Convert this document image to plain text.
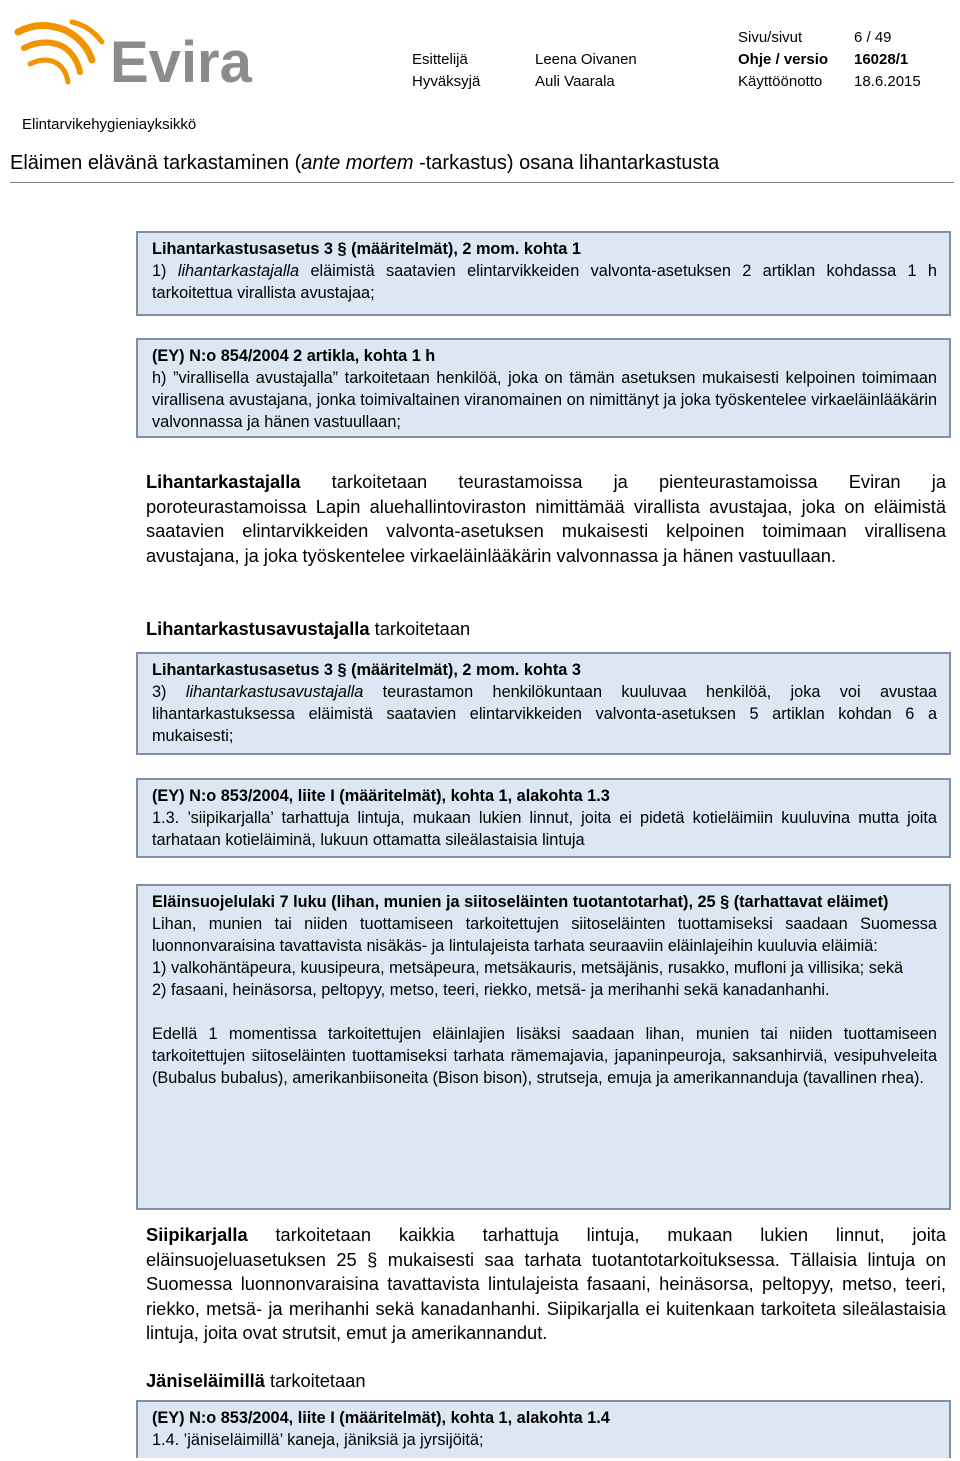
Evira	Sivu/sivut	6 / 49
Esittelijä	Leena Oivanen	Ohje / versio 16028/1
Hyväksyjä	Auli Vaarala	Käyttöönotto 18.6.2015
Elintarvikehygieniayksikkö
Eläimen elävänä tarkastaminen (ante mortem -tarkastus) osana lihantarkastusta
Lihantarkastusasetus 3 § (määritelmät), 2 mom. kohta 1
1) lihantarkastajalla eläimistä saatavien elintarvikkeiden valvonta-asetuksen 2 artiklan kohdassa 1 h tarkoitettua virallista avustajaa;
(EY) N:o 854/2004 2 artikla, kohta 1 h
h) ”virallisella avustajalla” tarkoitetaan henkilöä, joka on tämän asetuksen mukaisesti kelpoinen toimimaan virallisena avustajana, jonka toimivaltainen viranomainen on nimittänyt ja joka työskentelee virkaeläinlääkärin valvonnassa ja hänen vastuullaan;
Lihantarkastajalla tarkoitetaan teurastamoissa ja pienteurastamoissa Eviran ja poroteurastamoissa Lapin aluehallintoviraston nimittämää virallista avustajaa, joka on eläimistä saatavien elintarvikkeiden valvonta-asetuksen mukaisesti kelpoinen toimimaan virallisena avustajana, ja joka työskentelee virkaeläinlääkärin valvonnassa ja hänen vastuullaan.
Lihantarkastusavustajalla tarkoitetaan
Lihantarkastusasetus 3 § (määritelmät), 2 mom. kohta 3
3) lihantarkastusavustajalla teurastamon henkilökuntaan kuuluvaa henkilöä, joka voi avustaa lihantarkastuksessa eläimistä saatavien elintarvikkeiden valvonta-asetuksen 5 artiklan kohdan 6 a mukaisesti;
(EY) N:o 853/2004, liite I (määritelmät), kohta 1, alakohta 1.3
1.3. ’siipikarjalla’ tarhattuja lintuja, mukaan lukien linnut, joita ei pidetä kotieläimiin kuuluvina mutta joita tarhataan kotieläiminä, lukuun ottamatta sileälastaisia lintuja
Eläinsuojelulaki 7 luku (lihan, munien ja siitoseläinten tuotantotarhat), 25 § (tarhattavat eläimet)
Lihan, munien tai niiden tuottamiseen tarkoitettujen siitoseläinten tuottamiseksi saadaan Suomessa luonnonvaraisina tavattavista nisäkäs- ja lintulajeista tarhata seuraaviin eläinlajeihin kuuluvia eläimiä:
1) valkohäntäpeura, kuusipeura, metsäpeura, metsäkauris, metsäjänis, rusakko, mufloni ja villisika; sekä
2) fasaani, heinäsorsa, peltopyy, metso, teeri, riekko, metsä- ja merihanhi sekä kanadanhanhi.
Edellä 1 momentissa tarkoitettujen eläinlajien lisäksi saadaan lihan, munien tai niiden tuottamiseen tarkoitettujen siitoseläinten tuottamiseksi tarhata rämemajavia, japaninpeuroja, saksanhirviä, vesipuhveleita (Bubalus bubalus), amerikanbiisoneita (Bison bison), strutseja, emuja ja amerikannanduja (tavallinen rhea).
Siipikarjalla tarkoitetaan kaikkia tarhattuja lintuja, mukaan lukien linnut, joita eläinsuojeluasetuksen 25 § mukaisesti saa tarhata tuotantotarkoituksessa. Tällaisia lintuja on Suomessa luonnonvaraisina tavattavista lintulajeista fasaani, heinäsorsa, peltopyy, metso, teeri, riekko, metsä- ja merihanhi sekä kanadanhanhi. Siipikarjalla ei kuitenkaan tarkoiteta sileälastaisia lintuja, joita ovat strutsit, emut ja amerikannandut.
Jäniseläimillä tarkoitetaan
(EY) N:o 853/2004, liite I (määritelmät), kohta 1, alakohta 1.4
1.4. ’jäniseläimillä’ kaneja, jäniksiä ja jyrsijöitä;
